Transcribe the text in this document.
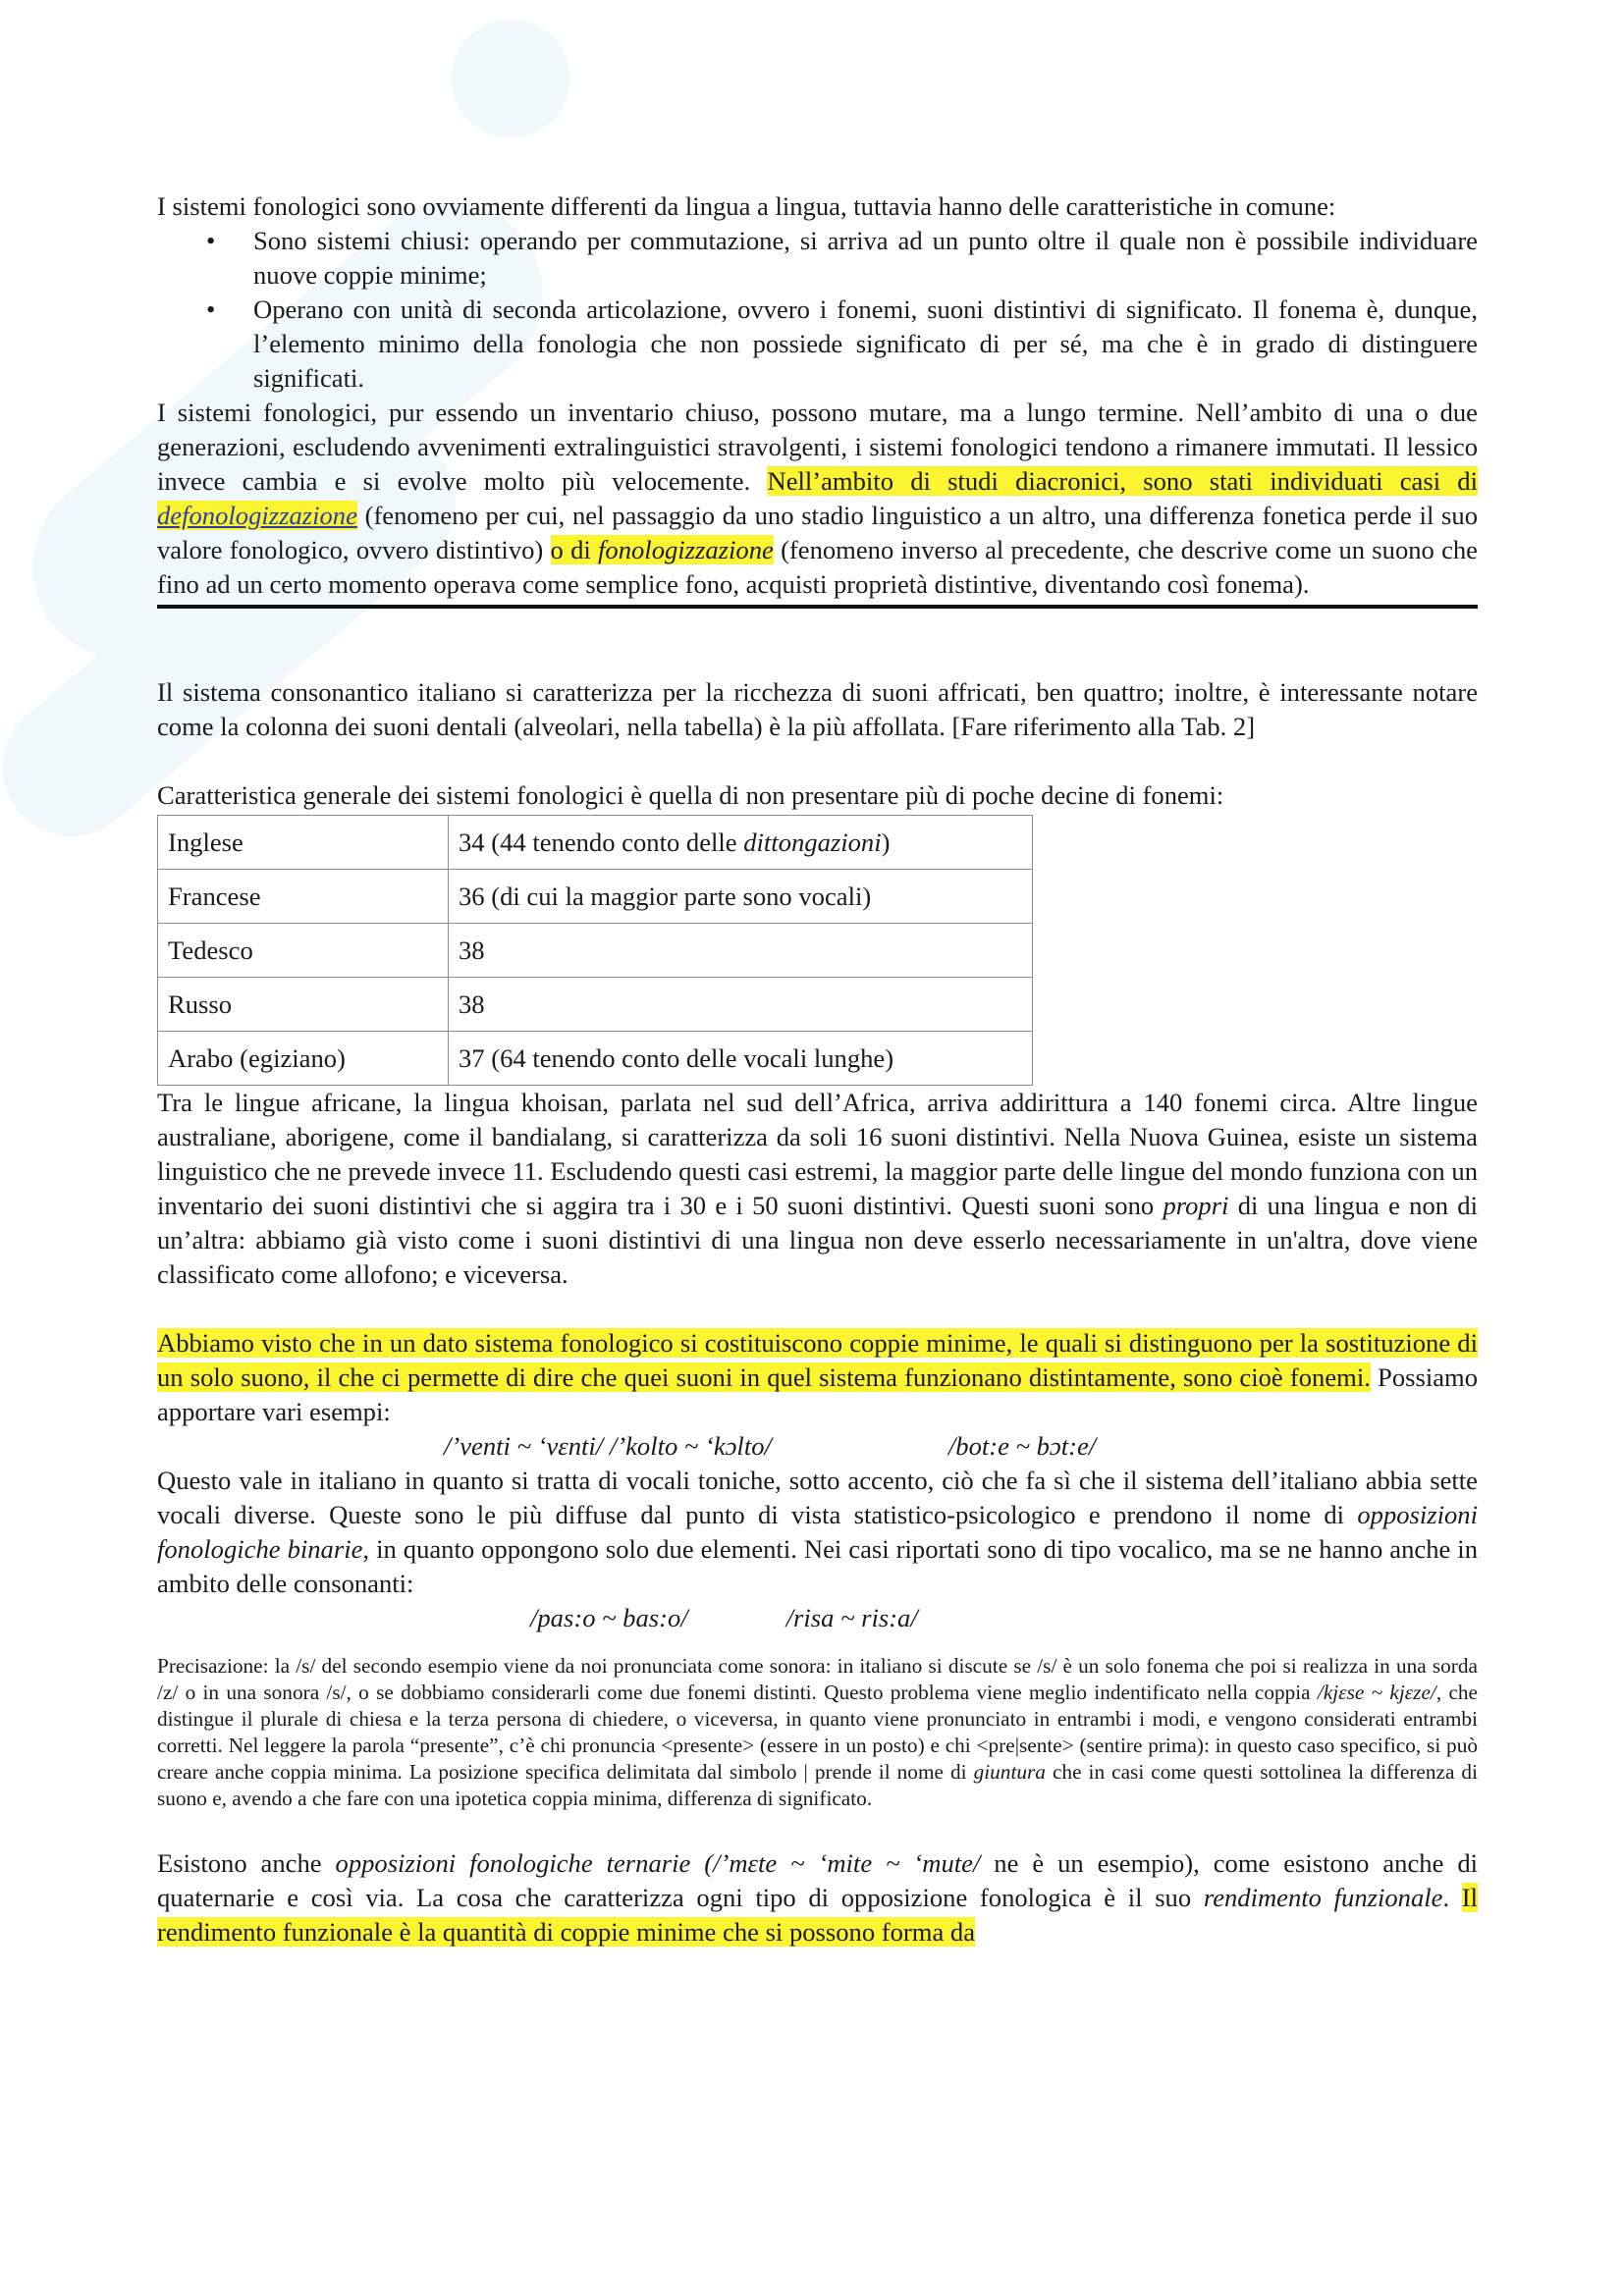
I sistemi fonologici sono ovviamente differenti da lingua a lingua, tuttavia hanno delle caratteristiche in comune:

• Sono sistemi chiusi: operando per commutazione, si arriva ad un punto oltre il quale non è possibile individuare nuove coppie minime;
• Operano con unità di seconda articolazione, ovvero i fonemi, suoni distintivi di significato. Il fonema è, dunque, l’elemento minimo della fonologia che non possiede significato di per sé, ma che è in grado di distinguere significati.

I sistemi fonologici, pur essendo un inventario chiuso, possono mutare, ma a lungo termine. Nell’ambito di una o due generazioni, escludendo avvenimenti extralinguistici stravolgenti, i sistemi fonologici tendono a rimanere immutati. Il lessico invece cambia e si evolve molto più velocemente. Nell’ambito di studi diacronici, sono stati individuati casi di defonologizzazione (fenomeno per cui, nel passaggio da uno stadio linguistico a un altro, una differenza fonetica perde il suo valore fonologico, ovvero distintivo) o di fonologizzazione (fenomeno inverso al precedente, che descrive come un suono che fino ad un certo momento operava come semplice fono, acquisti proprietà distintive, diventando così fonema).

Il sistema consonantico italiano si caratterizza per la ricchezza di suoni affricati, ben quattro; inoltre, è interessante notare come la colonna dei suoni dentali (alveolari, nella tabella) è la più affollata. [Fare riferimento alla Tab. 2]

Caratteristica generale dei sistemi fonologici è quella di non presentare più di poche decine di fonemi:

Inglese	34 (44 tenendo conto delle dittongazioni)
Francese	36 (di cui la maggior parte sono vocali)
Tedesco	38
Russo	38
Arabo (egiziano)	37 (64 tenendo conto delle vocali lunghe)

Tra le lingue africane, la lingua khoisan, parlata nel sud dell’Africa, arriva addirittura a 140 fonemi circa. Altre lingue australiane, aborigene, come il bandialang, si caratterizza da soli 16 suoni distintivi. Nella Nuova Guinea, esiste un sistema linguistico che ne prevede invece 11. Escludendo questi casi estremi, la maggior parte delle lingue del mondo funziona con un inventario dei suoni distintivi che si aggira tra i 30 e i 50 suoni distintivi. Questi suoni sono propri di una lingua e non di un’altra: abbiamo già visto come i suoni distintivi di una lingua non deve esserlo necessariamente in un'altra, dove viene classificato come allofono; e viceversa.

Abbiamo visto che in un dato sistema fonologico si costituiscono coppie minime, le quali si distinguono per la sostituzione di un solo suono, il che ci permette di dire che quei suoni in quel sistema funzionano distintamente, sono cioè fonemi. Possiamo apportare vari esempi:

/’venti ~ ‘vɛnti/ /’kolto ~ ‘kɔlto/	/bot:e ~ bɔt:e/

Questo vale in italiano in quanto si tratta di vocali toniche, sotto accento, ciò che fa sì che il sistema dell’italiano abbia sette vocali diverse. Queste sono le più diffuse dal punto di vista statistico-psicologico e prendono il nome di opposizioni fonologiche binarie, in quanto oppongono solo due elementi. Nei casi riportati sono di tipo vocalico, ma se ne hanno anche in ambito delle consonanti:

/pas:o ~ bas:o/	/risa ~ ris:a/

Precisazione: la /s/ del secondo esempio viene da noi pronunciata come sonora: in italiano si discute se /s/ è un solo fonema che poi si realizza in una sorda /z/ o in una sonora /s/, o se dobbiamo considerarli come due fonemi distinti. Questo problema viene meglio indentificato nella coppia /kjɛse ~ kjɛze/, che distingue il plurale di chiesa e la terza persona di chiedere, o viceversa, in quanto viene pronunciato in entrambi i modi, e vengono considerati entrambi corretti. Nel leggere la parola “presente”, c’è chi pronuncia <presente> (essere in un posto) e chi <pre|sente> (sentire prima): in questo caso specifico, si può creare anche coppia minima. La posizione specifica delimitata dal simbolo | prende il nome di giuntura che in casi come questi sottolinea la differenza di suono e, avendo a che fare con una ipotetica coppia minima, differenza di significato.

Esistono anche opposizioni fonologiche ternarie (/’mɛte ~ ‘mite ~ ‘mute/ ne è un esempio), come esistono anche di quaternarie e così via. La cosa che caratterizza ogni tipo di opposizione fonologica è il suo rendimento funzionale. Il rendimento funzionale è la quantità di coppie minime che si possono forma da
